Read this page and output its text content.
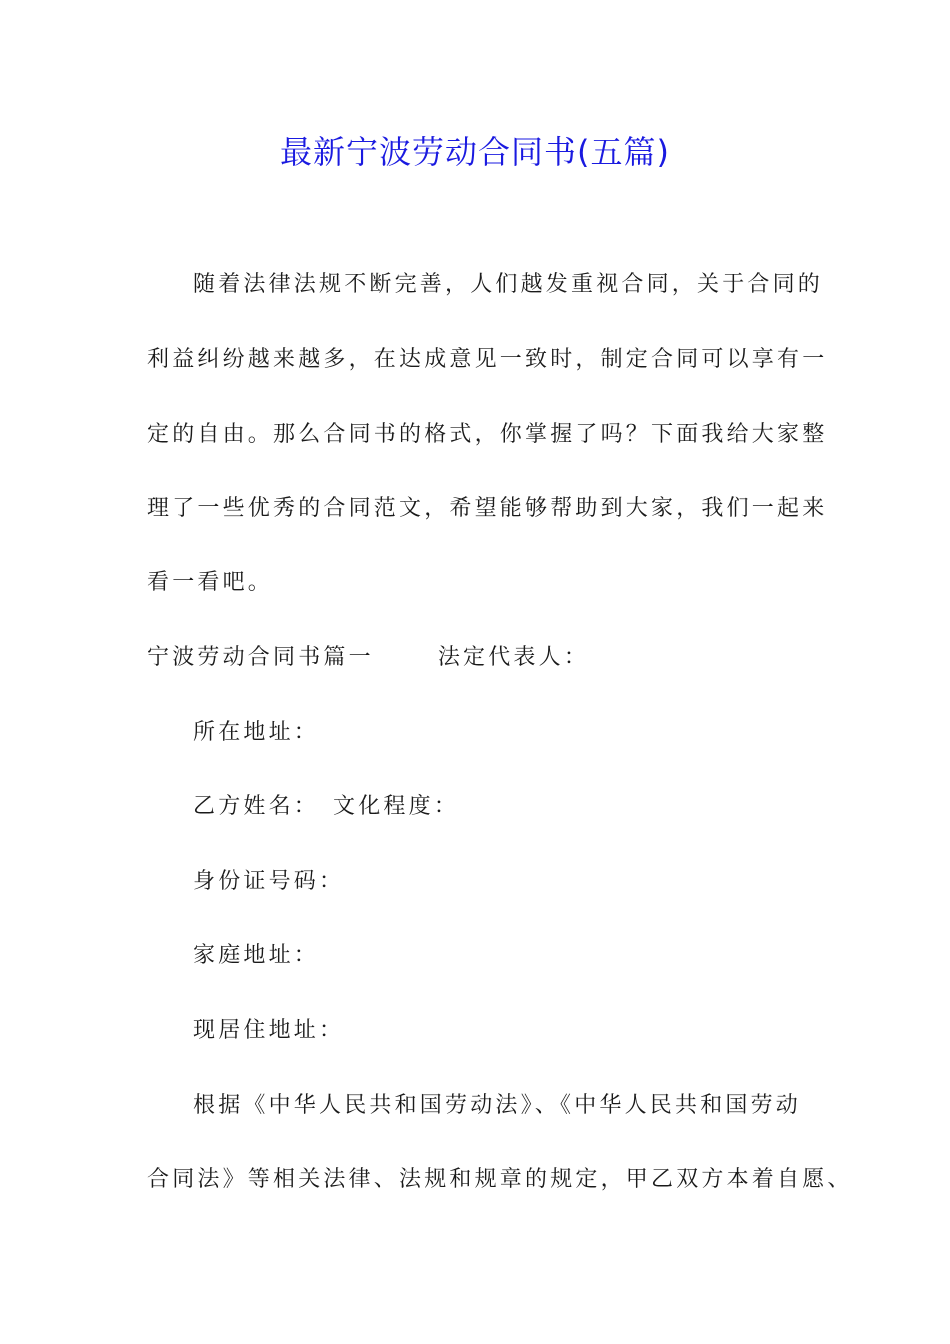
最新宁波劳动合同书(五篇)
随着法律法规不断完善，人们越发重视合同，关于合同的
利益纠纷越来越多，在达成意见一致时，制定合同可以享有一
定的自由。那么合同书的格式，你掌握了吗？下面我给大家整
理了一些优秀的合同范文，希望能够帮助到大家，我们一起来
看一看吧。
宁波劳动合同书篇一	法定代表人：
所在地址：
乙方姓名： 文化程度：
身份证号码：
家庭地址：
现居住地址：
根据《中华人民共和国劳动法》、《中华人民共和国劳动
合同法》等相关法律、法规和规章的规定，甲乙双方本着自愿、
